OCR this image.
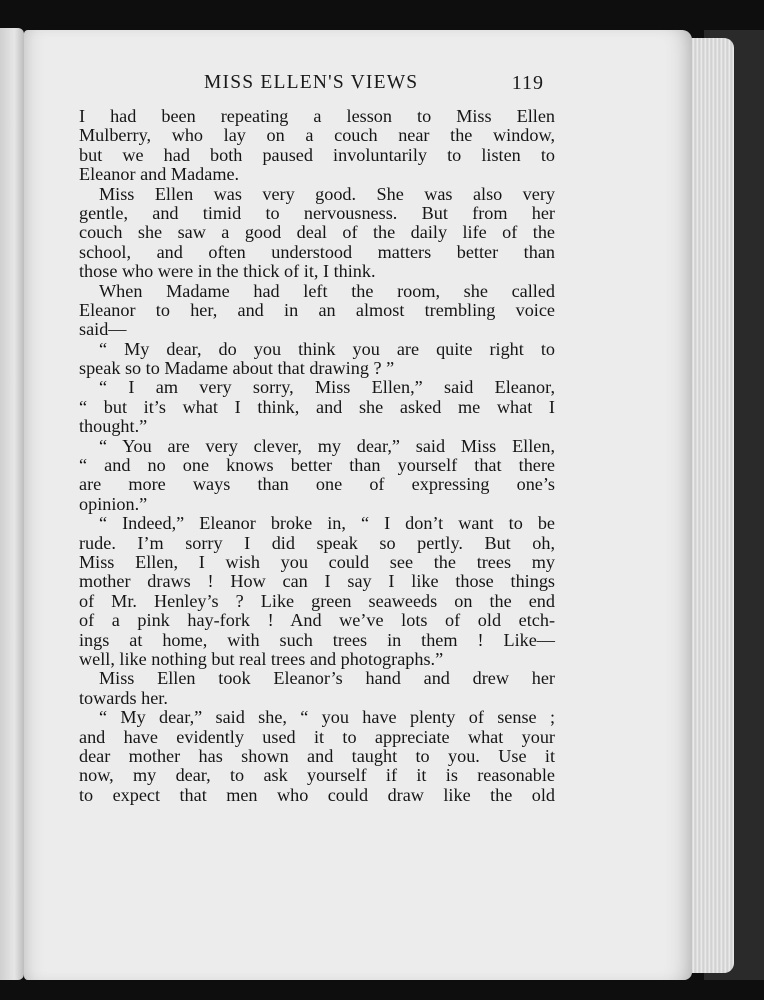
MISS ELLEN'S VIEWS	119
I had been repeating a lesson to Miss Ellen
Mulberry, who lay on a couch near the window,
but we had both paused involuntarily to listen to
Eleanor and Madame.
Miss Ellen was very good. She was also very
gentle, and timid to nervousness. But from her
couch she saw a good deal of the daily life of the
school, and often understood matters better than
those who were in the thick of it, I think.
When Madame had left the room, she called
Eleanor to her, and in an almost trembling voice
said—
“ My dear, do you think you are quite right to
speak so to Madame about that drawing ? ”
“ I am very sorry, Miss Ellen,” said Eleanor,
“ but it’s what I think, and she asked me what I
thought.”
“ You are very clever, my dear,” said Miss Ellen,
“ and no one knows better than yourself that there
are more ways than one of expressing one’s
opinion.”
“ Indeed,” Eleanor broke in, “ I don’t want to be
rude. I’m sorry I did speak so pertly. But oh,
Miss Ellen, I wish you could see the trees my
mother draws ! How can I say I like those things
of Mr. Henley’s ? Like green seaweeds on the end
of a pink hay-fork ! And we’ve lots of old etch-
ings at home, with such trees in them ! Like—
well, like nothing but real trees and photographs.”
Miss Ellen took Eleanor’s hand and drew her
towards her.
“ My dear,” said she, “ you have plenty of sense ;
and have evidently used it to appreciate what your
dear mother has shown and taught to you. Use it
now, my dear, to ask yourself if it is reasonable
to expect that men who could draw like the old
